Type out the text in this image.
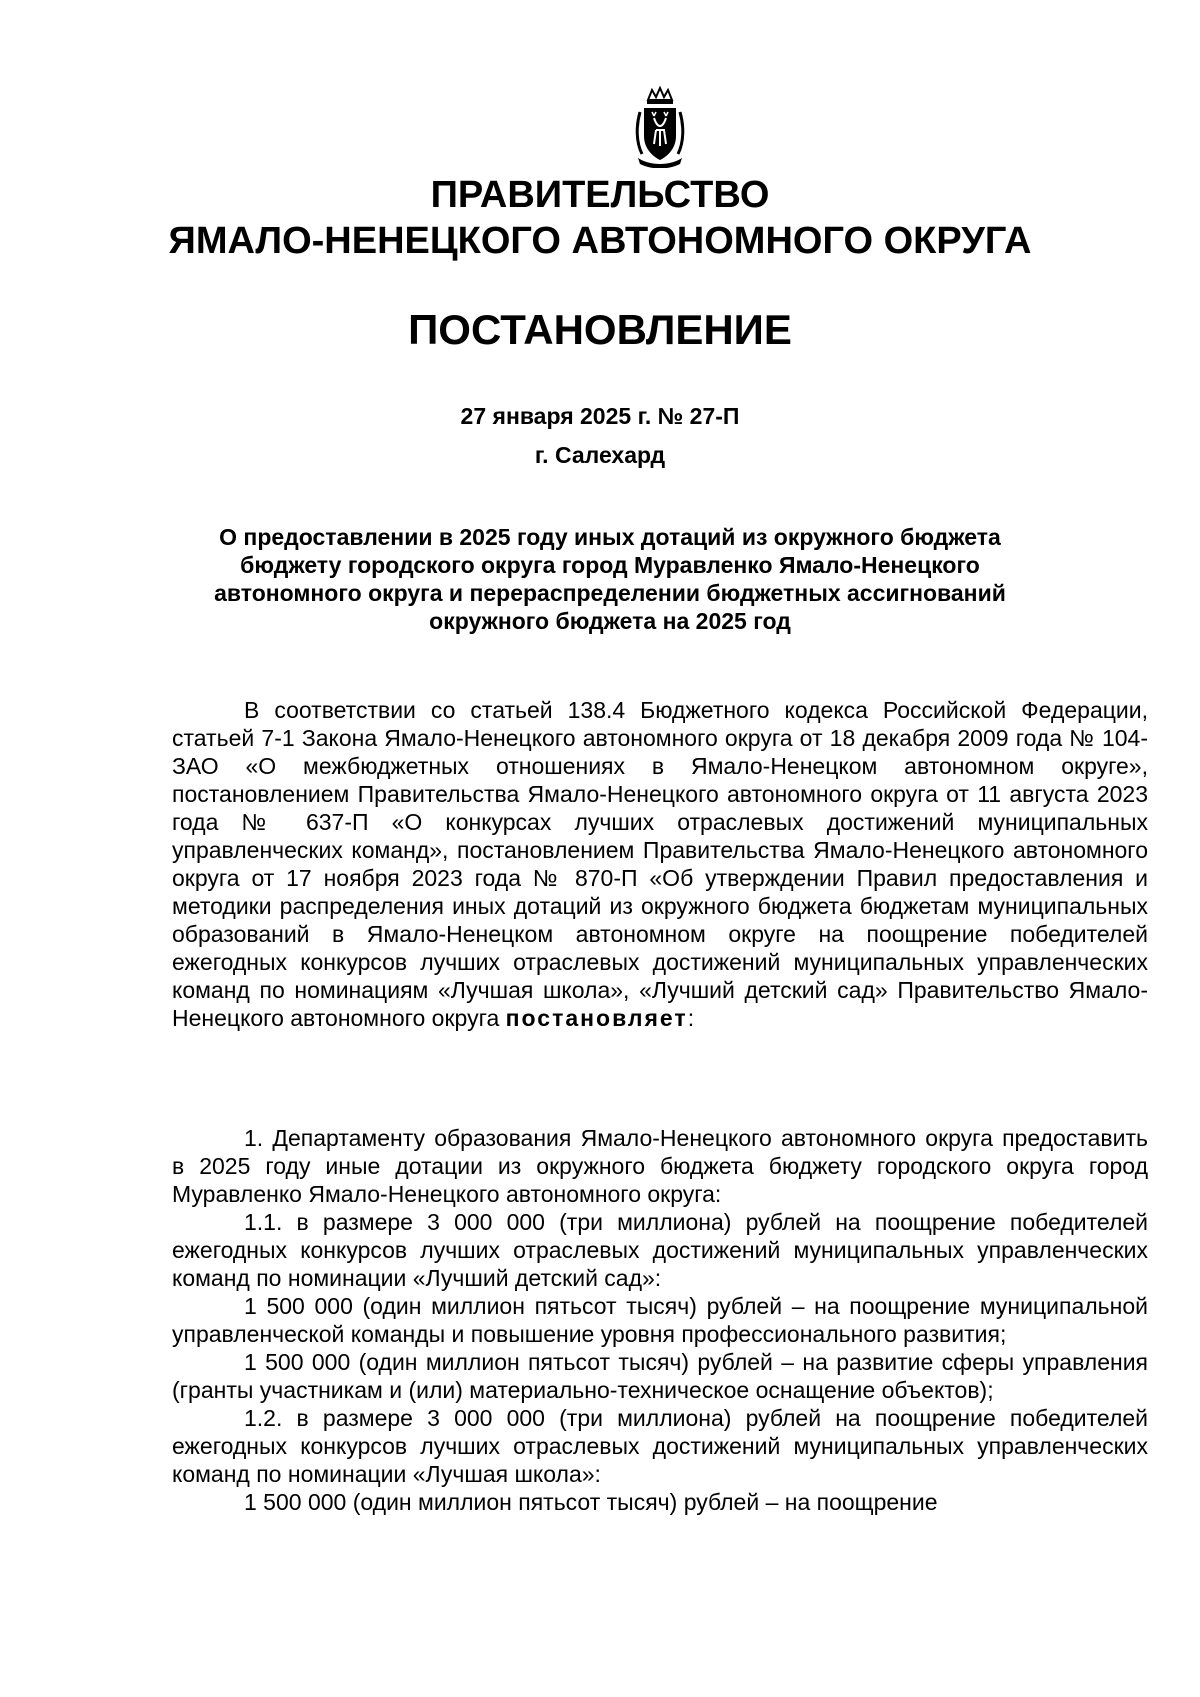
ПРАВИТЕЛЬСТВО
ЯМАЛО-НЕНЕЦКОГО АВТОНОМНОГО ОКРУГА
ПОСТАНОВЛЕНИЕ
27 января 2025 г. № 27-П
г. Салехард
О предоставлении в 2025 году иных дотаций из окружного бюджета
бюджету городского округа город Муравленко Ямало-Ненецкого
автономного округа и перераспределении бюджетных ассигнований
окружного бюджета на 2025 год

В соответствии со статьей 138.4 Бюджетного кодекса Российской Федерации, статьей 7-1 Закона Ямало-Ненецкого автономного округа от 18 декабря 2009 года № 104-ЗАО «О межбюджетных отношениях в Ямало-Ненецком автономном округе», постановлением Правительства Ямало-Ненецкого автономного округа от 11 августа 2023 года № 637-П «О конкурсах лучших отраслевых достижений муниципальных управленческих команд», постановлением Правительства Ямало-Ненецкого автономного округа от 17 ноября 2023 года № 870-П «Об утверждении Правил предоставления и методики распределения иных дотаций из окружного бюджета бюджетам муниципальных образований в Ямало-Ненецком автономном округе на поощрение победителей ежегодных конкурсов лучших отраслевых достижений муниципальных управленческих команд по номинациям «Лучшая школа», «Лучший детский сад» Правительство Ямало-Ненецкого автономного округа постановляет:

1. Департаменту образования Ямало-Ненецкого автономного округа предоставить в 2025 году иные дотации из окружного бюджета бюджету городского округа город Муравленко Ямало-Ненецкого автономного округа:

1.1. в размере 3 000 000 (три миллиона) рублей на поощрение победителей ежегодных конкурсов лучших отраслевых достижений муниципальных управленческих команд по номинации «Лучший детский сад»:

1 500 000 (один миллион пятьсот тысяч) рублей – на поощрение муниципальной управленческой команды и повышение уровня профессионального развития;

1 500 000 (один миллион пятьсот тысяч) рублей – на развитие сферы управления (гранты участникам и (или) материально-техническое оснащение объектов);

1.2. в размере 3 000 000 (три миллиона) рублей на поощрение победителей ежегодных конкурсов лучших отраслевых достижений муниципальных управленческих команд по номинации «Лучшая школа»:

1 500 000 (один миллион пятьсот тысяч) рублей – на поощрение
